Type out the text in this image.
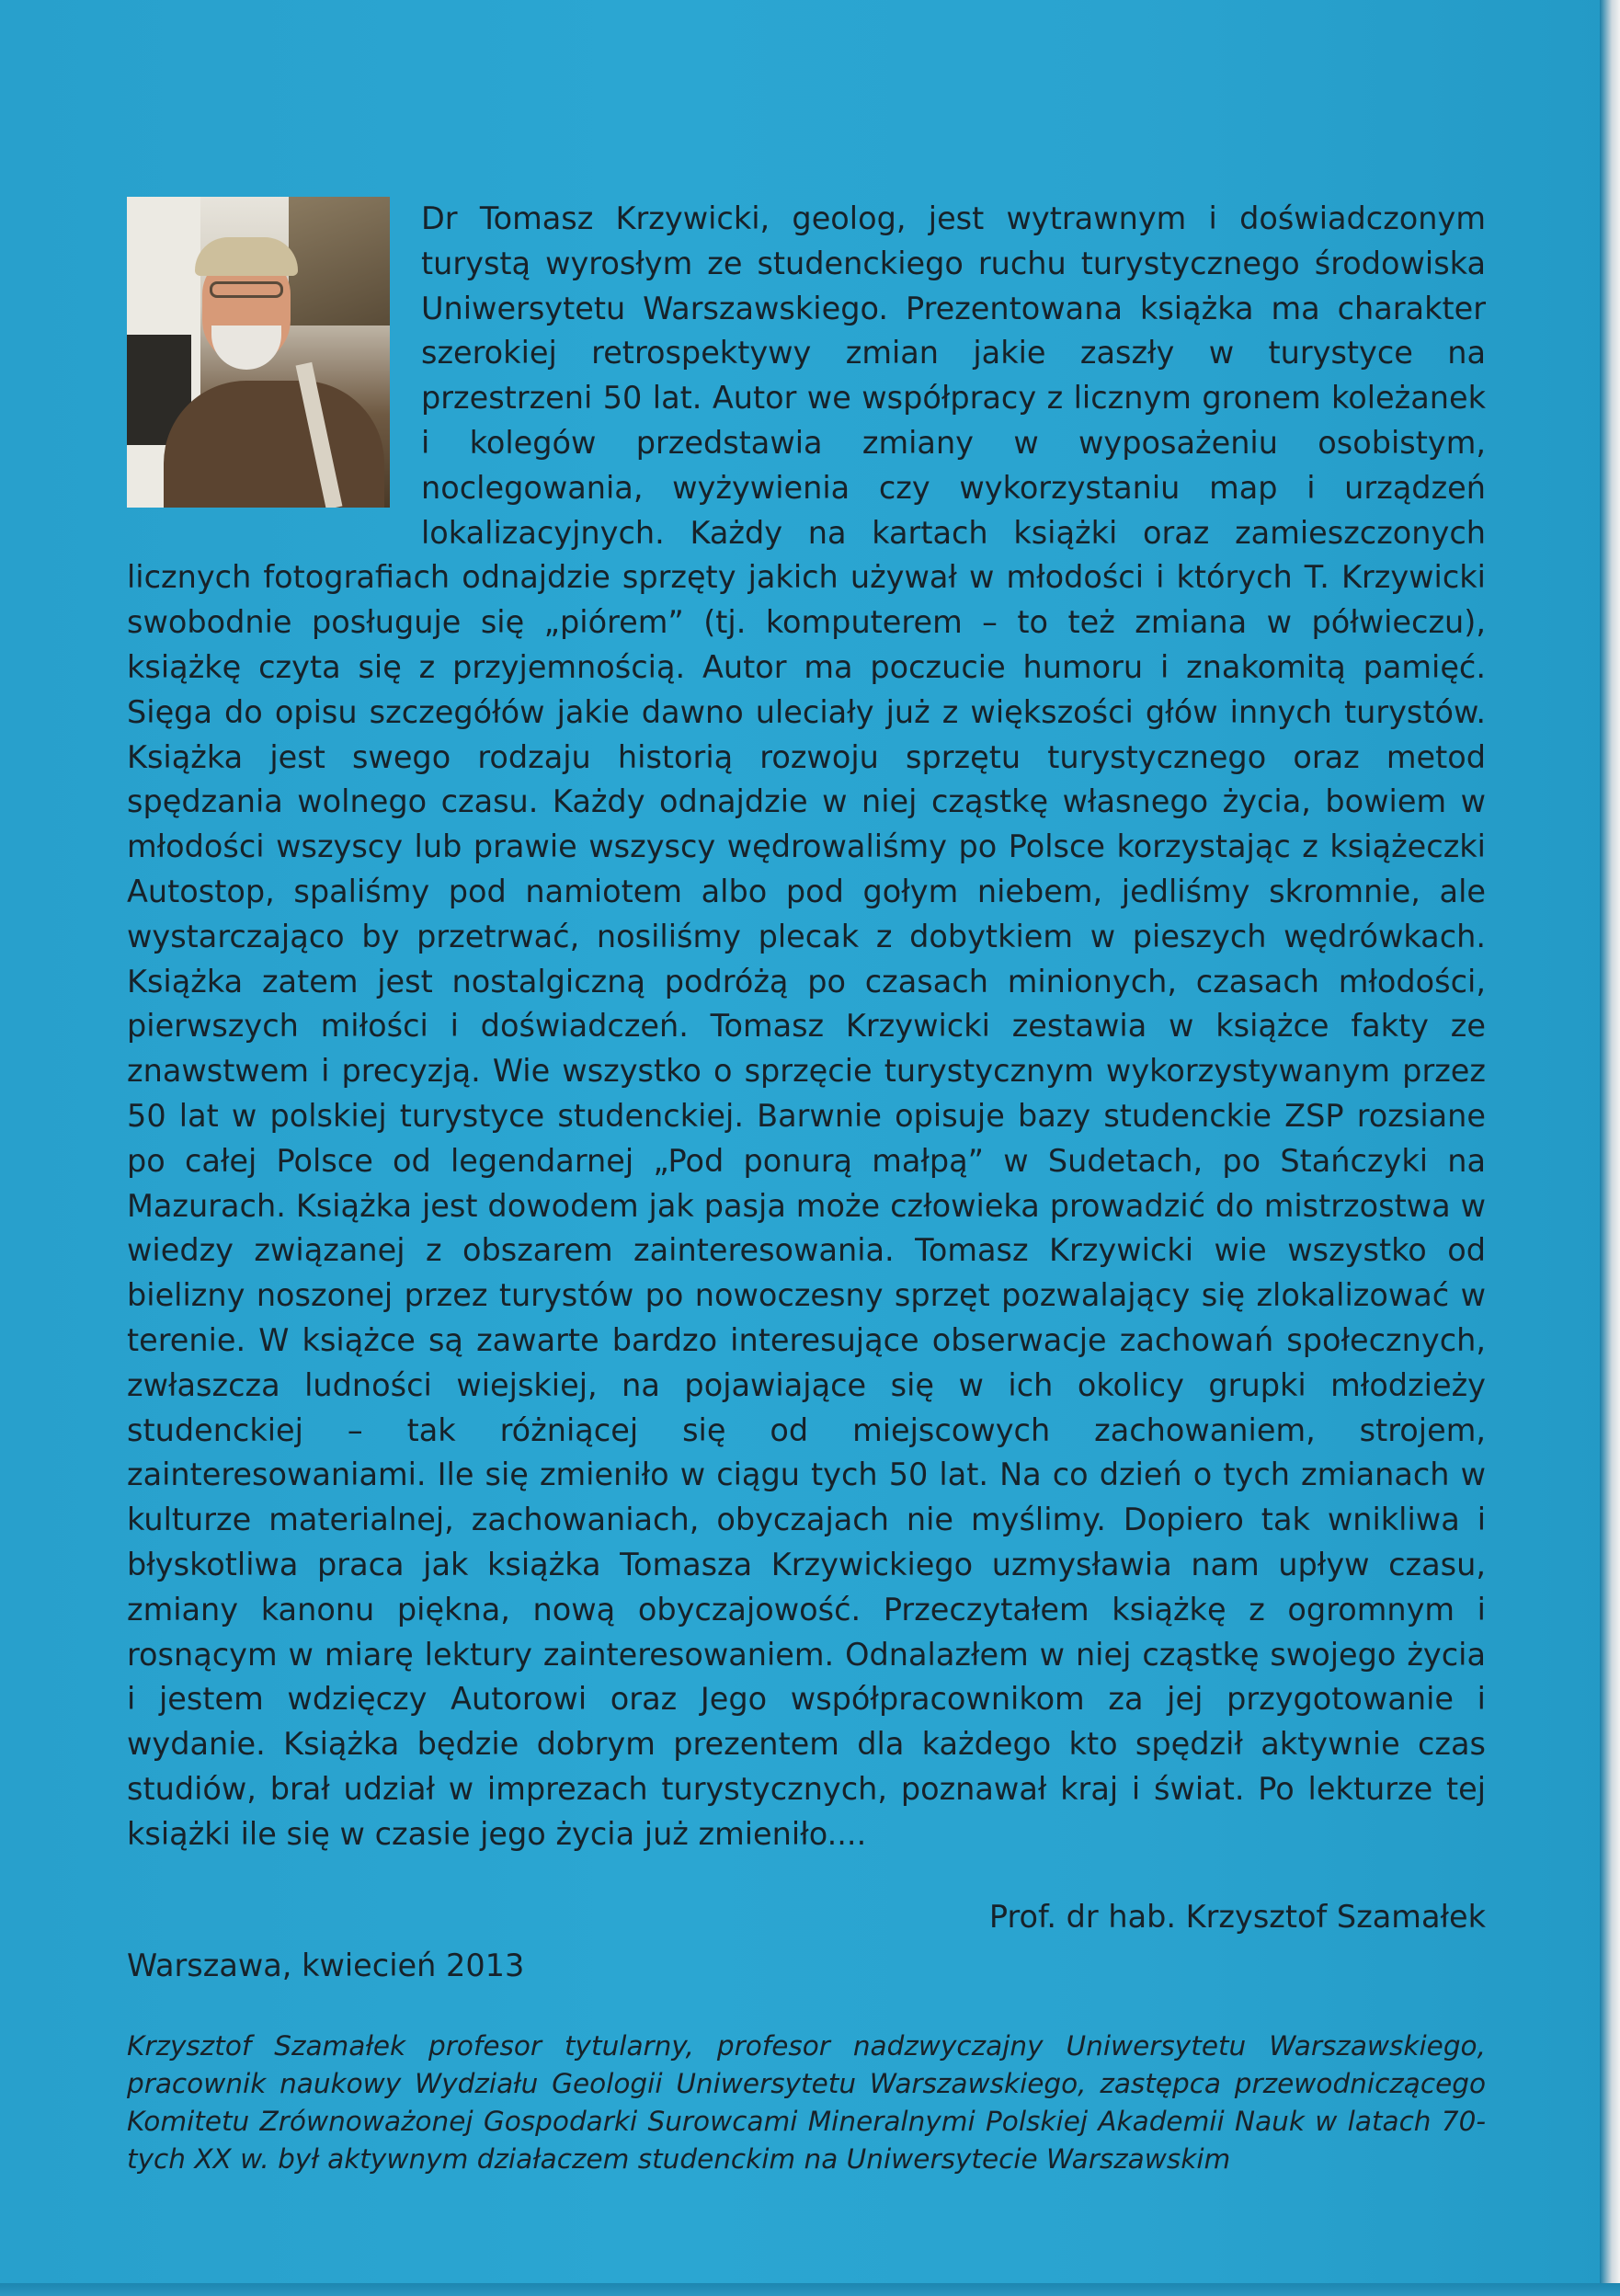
Dr Tomasz Krzywicki, geolog, jest wytrawnym i doświadczonym turystą wyrosłym ze studenckiego ruchu turystycznego środowiska Uniwersytetu Warszawskiego. Prezentowana książka ma charakter szerokiej retrospektywy zmian jakie zaszły w turystyce na przestrzeni 50 lat. Autor we współpracy z licznym gronem koleżanek i kolegów przedstawia zmiany w wyposażeniu osobistym, noclegowania, wyżywienia czy wykorzystaniu map i urządzeń lokalizacyjnych. Każdy na kartach książki oraz zamieszczonych licznych fotografiach odnajdzie sprzęty jakich używał w młodości i których T. Krzywicki swobodnie posługuje się „piórem” (tj. komputerem – to też zmiana w półwieczu), książkę czyta się z przyjemnością. Autor ma poczucie humoru i znakomitą pamięć. Sięga do opisu szczegółów jakie dawno uleciały już z większości głów innych turystów. Książka jest swego rodzaju historią rozwoju sprzętu turystycznego oraz metod spędzania wolnego czasu. Każdy odnajdzie w niej cząstkę własnego życia, bowiem w młodości wszyscy lub prawie wszyscy wędrowaliśmy po Polsce korzystając z książeczki Autostop, spaliśmy pod namiotem albo pod gołym niebem, jedliśmy skromnie, ale wystarczająco by przetrwać, nosiliśmy plecak z dobytkiem w pieszych wędrówkach. Książka zatem jest nostalgiczną podróżą po czasach minionych, czasach młodości, pierwszych miłości i doświadczeń. Tomasz Krzywicki zestawia w książce fakty ze znawstwem i precyzją. Wie wszystko o sprzęcie turystycznym wykorzystywanym przez 50 lat w polskiej turystyce studenckiej. Barwnie opisuje bazy studenckie ZSP rozsiane po całej Polsce od legendarnej „Pod ponurą małpą” w Sudetach, po Stańczyki na Mazurach. Książka jest dowodem jak pasja może człowieka prowadzić do mistrzostwa w wiedzy związanej z obszarem zainteresowania. Tomasz Krzywicki wie wszystko od bielizny noszonej przez turystów po nowoczesny sprzęt pozwalający się zlokalizować w terenie. W książce są zawarte bardzo interesujące obserwacje zachowań społecznych, zwłaszcza ludności wiejskiej, na pojawiające się w ich okolicy grupki młodzieży studenckiej – tak różniącej się od miejscowych zachowaniem, strojem, zainteresowaniami. Ile się zmieniło w ciągu tych 50 lat. Na co dzień o tych zmianach w kulturze materialnej, zachowaniach, obyczajach nie myślimy. Dopiero tak wnikliwa i błyskotliwa praca jak książka Tomasza Krzywickiego uzmysławia nam upływ czasu, zmiany kanonu piękna, nową obyczajowość. Przeczytałem książkę z ogromnym i rosnącym w miarę lektury zainteresowaniem. Odnalazłem w niej cząstkę swojego życia i jestem wdzięczy Autorowi oraz Jego współpracownikom za jej przygotowanie i wydanie. Książka będzie dobrym prezentem dla każdego kto spędził aktywnie czas studiów, brał udział w imprezach turystycznych, poznawał kraj i świat. Po lekturze tej książki ile się w czasie jego życia już zmieniło....

Prof. dr hab. Krzysztof Szamałek

Warszawa, kwiecień 2013

Krzysztof Szamałek profesor tytularny, profesor nadzwyczajny Uniwersytetu Warszawskiego, pracownik naukowy Wydziału Geologii Uniwersytetu Warszawskiego, zastępca przewodniczącego Komitetu Zrównoważonej Gospodarki Surowcami Mineralnymi Polskiej Akademii Nauk w latach 70-tych XX w. był aktywnym działaczem studenckim na Uniwersytecie Warszawskim
